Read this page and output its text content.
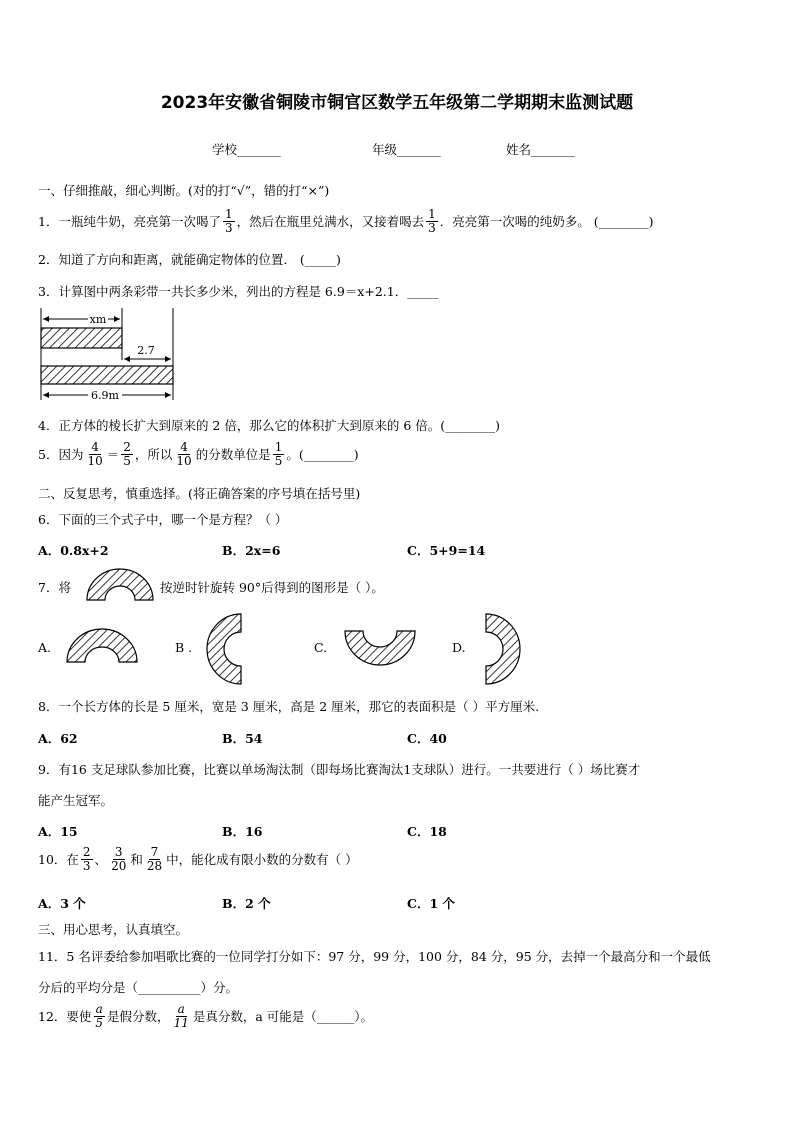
2023年安徽省铜陵市铜官区数学五年级第二学期期末监测试题
学校_______	年级_______	姓名_______
一、仔细推敲，细心判断。(对的打“√”，错的打“×”)
1．一瓶纯牛奶，亮亮第一次喝了 $\frac{1}{3}$ ，然后在瓶里兑满水，又接着喝去 $\frac{1}{3}$ ．亮亮第一次喝的纯奶多。 (________)
2．知道了方向和距离，就能确定物体的位置． (_____)
3．计算图中两条彩带一共长多少米，列出的方程是 6.9＝x+2.1．_____
xm
2.7
6.9m
4．正方体的棱长扩大到原来的 2 倍，那么它的体积扩大到原来的 6 倍。(________)
5．因为 $\frac{4}{10} = \frac{2}{5}$ ，所以 $\frac{4}{10}$ 的分数单位是 $\frac{1}{5}$ 。(________)
二、反复思考，慎重选择。(将正确答案的序号填在括号里)
6．下面的三个式子中，哪一个是方程？（ ）
A．0.8x+2	B．2x=6	C．5+9=14
7．将	按逆时针旋转 90°后得到的图形是（ ）。
A.	B .	C.	D.
8．一个长方体的长是 5 厘米，宽是 3 厘米，高是 2 厘米，那它的表面积是（ ）平方厘米.
A．62	B．54	C．40
9．有16 支足球队参加比赛，比赛以单场淘汰制（即每场比赛淘汰1支球队）进行。一共要进行（ ）场比赛才
能产生冠军。
A．15	B．16	C．18
10．在 $\frac{2}{3}$ 、 $\frac{3}{20}$ 和 $\frac{7}{28}$ 中，能化成有限小数的分数有（ ）
A．3 个	B．2 个	C．1 个
三、用心思考，认真填空。
11．5 名评委给参加唱歌比赛的一位同学打分如下：97 分，99 分，100 分，84 分，95 分，去掉一个最高分和一个最低
分后的平均分是（__________）分。
12．要使 $\frac{a}{5}$ 是假分数， $\frac{a}{11}$ 是真分数，a 可能是（______）。
